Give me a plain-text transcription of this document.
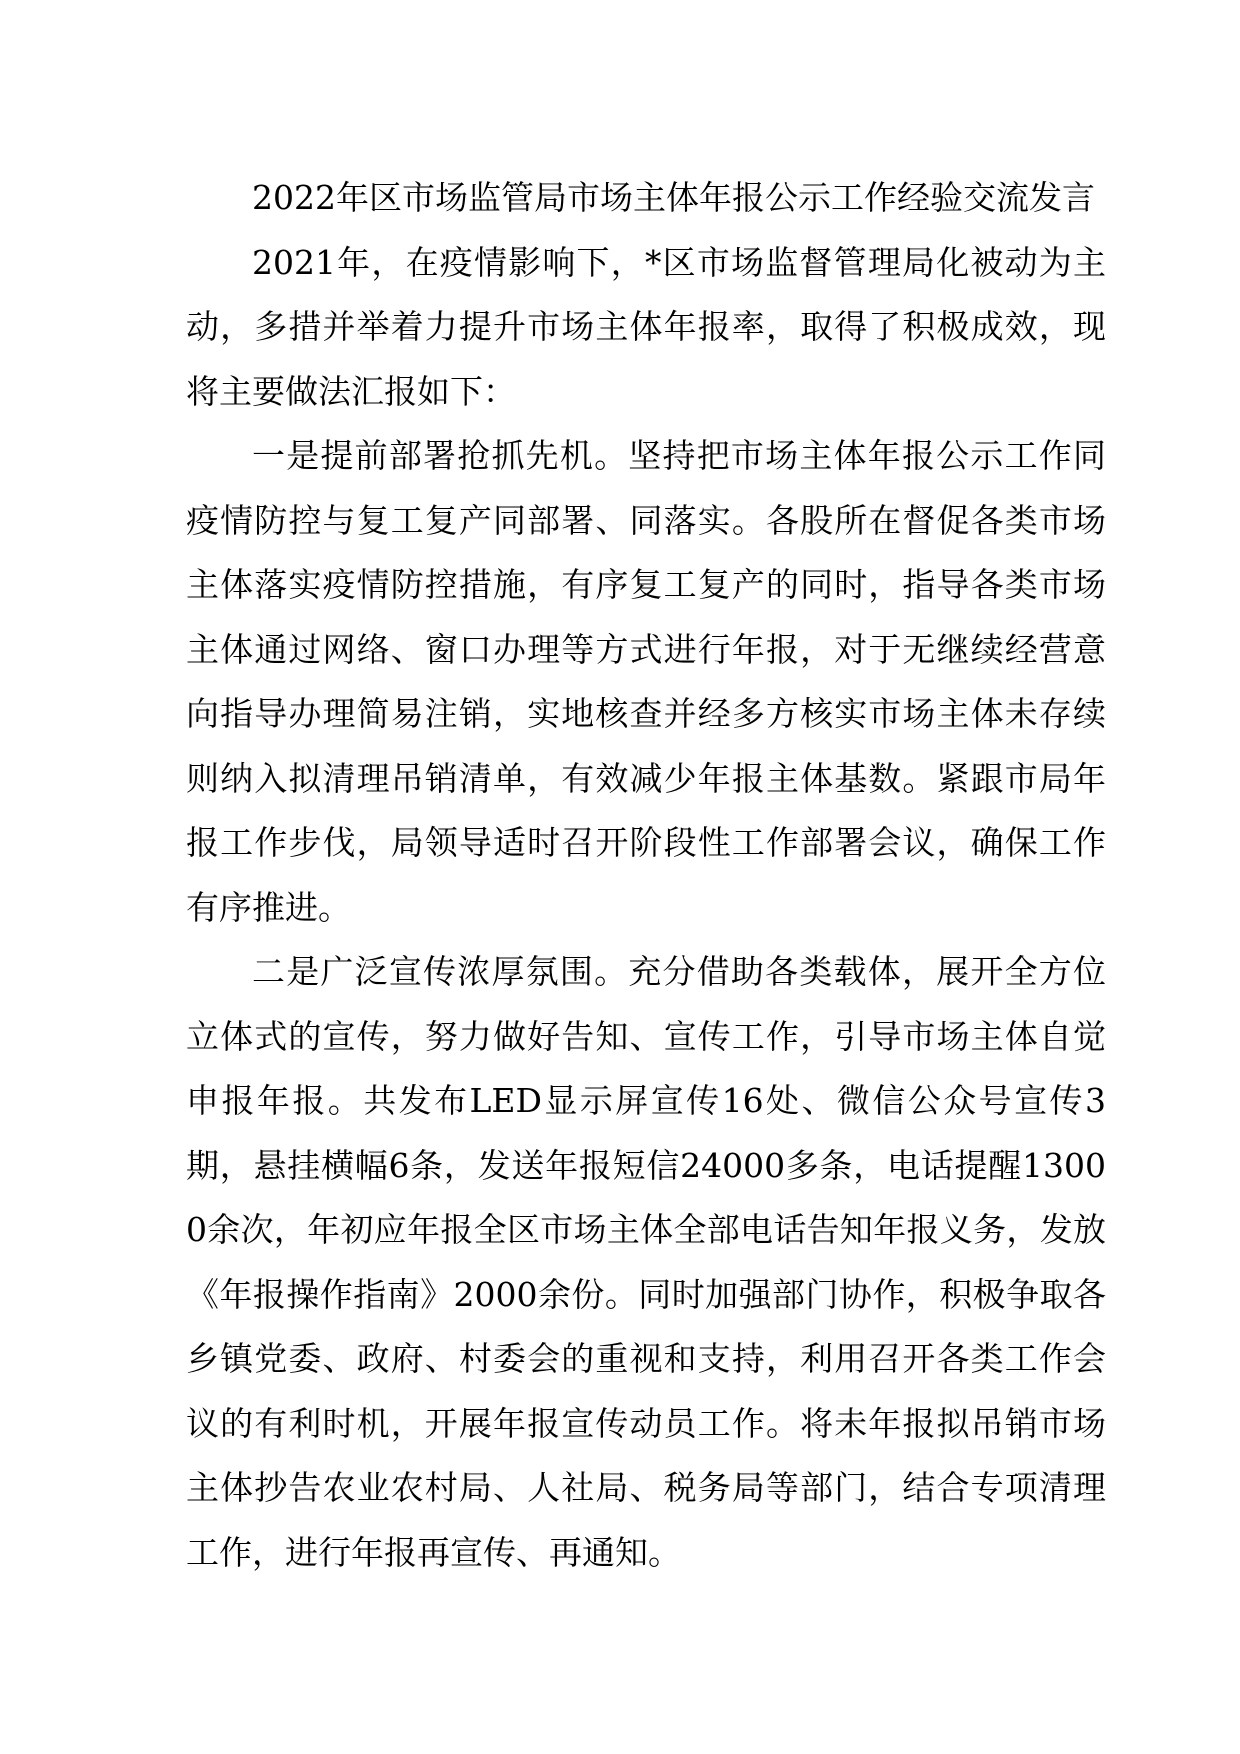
2022年区市场监管局市场主体年报公示工作经验交流发言

2021年，在疫情影响下，*区市场监督管理局化被动为主动，多措并举着力提升市场主体年报率，取得了积极成效，现将主要做法汇报如下：

一是提前部署抢抓先机。坚持把市场主体年报公示工作同疫情防控与复工复产同部署、同落实。各股所在督促各类市场主体落实疫情防控措施，有序复工复产的同时，指导各类市场主体通过网络、窗口办理等方式进行年报，对于无继续经营意向指导办理简易注销，实地核查并经多方核实市场主体未存续则纳入拟清理吊销清单，有效减少年报主体基数。紧跟市局年报工作步伐，局领导适时召开阶段性工作部署会议，确保工作有序推进。

二是广泛宣传浓厚氛围。充分借助各类载体，展开全方位立体式的宣传，努力做好告知、宣传工作，引导市场主体自觉申报年报。共发布LED显示屏宣传16处、微信公众号宣传3期，悬挂横幅6条，发送年报短信24000多条，电话提醒13000余次，年初应年报全区市场主体全部电话告知年报义务，发放《年报操作指南》2000余份。同时加强部门协作，积极争取各乡镇党委、政府、村委会的重视和支持，利用召开各类工作会议的有利时机，开展年报宣传动员工作。将未年报拟吊销市场主体抄告农业农村局、人社局、税务局等部门，结合专项清理工作，进行年报再宣传、再通知。
